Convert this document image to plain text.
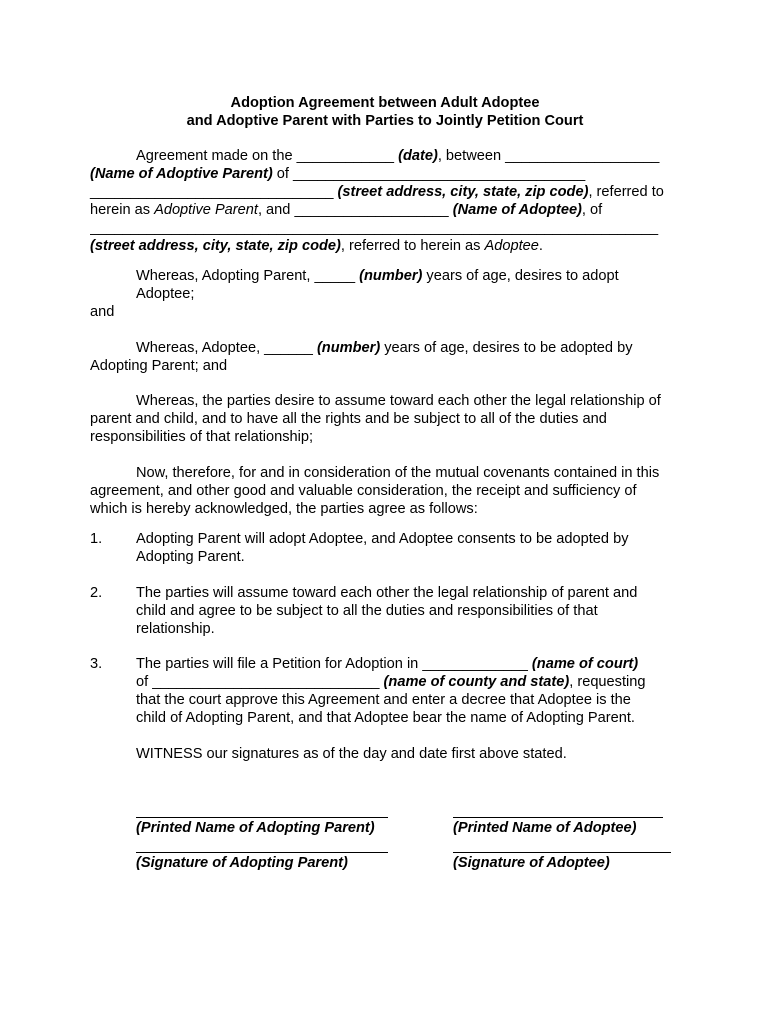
Adoption Agreement between Adult Adoptee
and Adoptive Parent with Parties to Jointly Petition Court
Agreement made on the ____________ (date), between ___________________
(Name of Adoptive Parent) of ____________________________________
______________________________ (street address, city, state, zip code), referred to
herein as Adoptive Parent, and ___________________ (Name of Adoptee), of
______________________________________________________________________
(street address, city, state, zip code), referred to herein as Adoptee.
Whereas, Adopting Parent, _____ (number) years of age, desires to adopt
Adoptee;
and
Whereas, Adoptee, ______ (number) years of age, desires to be adopted by
Adopting Parent; and
Whereas, the parties desire to assume toward each other the legal relationship of
parent and child, and to have all the rights and be subject to all of the duties and
responsibilities of that relationship;
Now, therefore, for and in consideration of the mutual covenants contained in this
agreement, and other good and valuable consideration, the receipt and sufficiency of
which is hereby acknowledged, the parties agree as follows:
1. Adopting Parent will adopt Adoptee, and Adoptee consents to be adopted by
Adopting Parent.
2. The parties will assume toward each other the legal relationship of parent and
child and agree to be subject to all the duties and responsibilities of that
relationship.
3. The parties will file a Petition for Adoption in _____________ (name of court)
of ____________________________ (name of county and state), requesting
that the court approve this Agreement and enter a decree that Adoptee is the
child of Adopting Parent, and that Adoptee bear the name of Adopting Parent.
WITNESS our signatures as of the day and date first above stated.
(Printed Name of Adopting Parent)	(Printed Name of Adoptee)
(Signature of Adopting Parent)	(Signature of Adoptee)
